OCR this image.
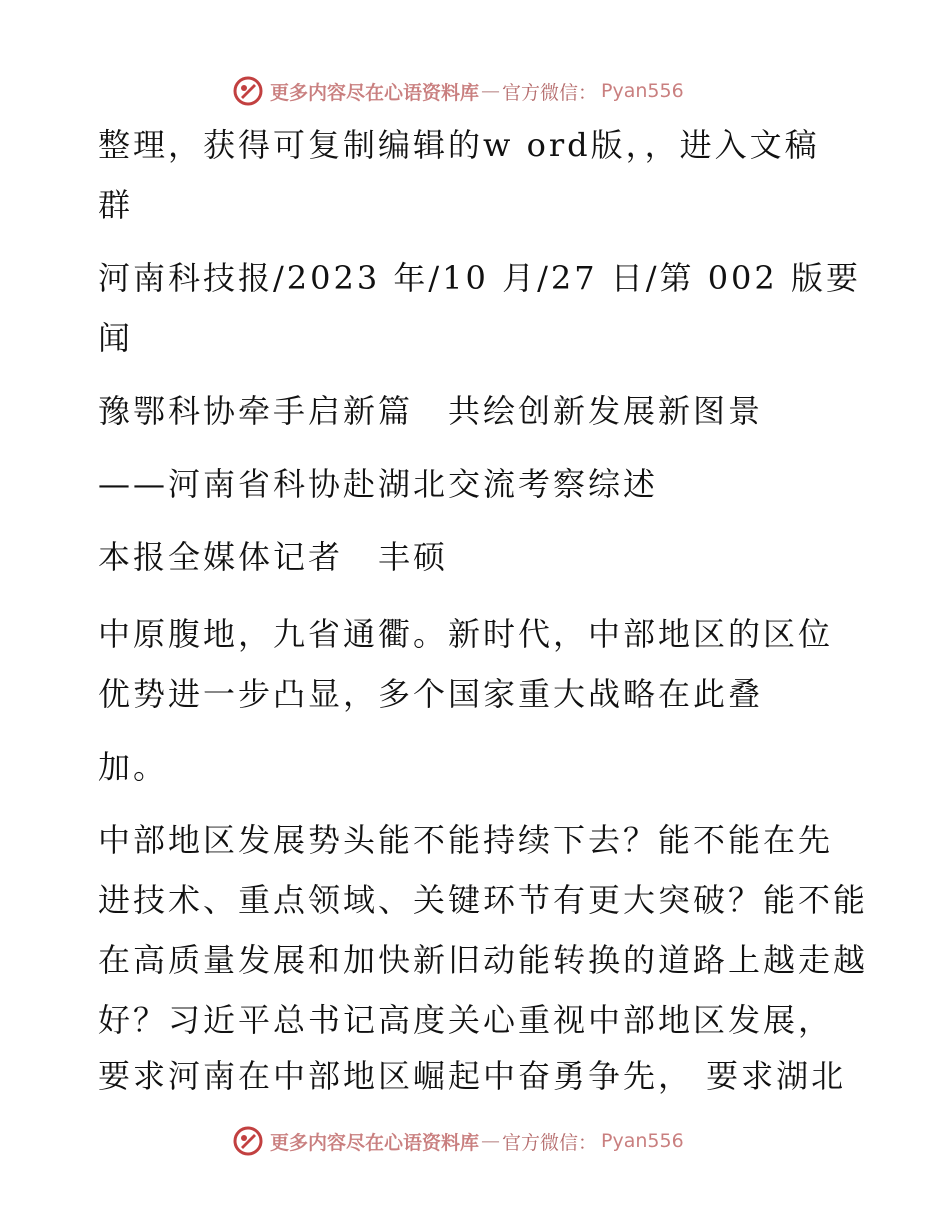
更多内容尽在心语资料库 — 官方微信： Pyan556
整理，获得可复制编辑的w ord版，，进入文稿
群
河南科技报/2023 年/10 月/27 日/第 002 版要
闻
豫鄂科协牵手启新篇　共绘创新发展新图景
——河南省科协赴湖北交流考察综述
本报全媒体记者　丰硕
中原腹地，九省通衢。新时代，中部地区的区位
优势进一步凸显，多个国家重大战略在此叠
加。
中部地区发展势头能不能持续下去？能不能在先
进技术、重点领域、关键环节有更大突破？能不能
在高质量发展和加快新旧动能转换的道路上越走越
好？习近平总书记高度关心重视中部地区发展，
要求河南在中部地区崛起中奋勇争先， 要求湖北
更多内容尽在心语资料库 — 官方微信： Pyan556
